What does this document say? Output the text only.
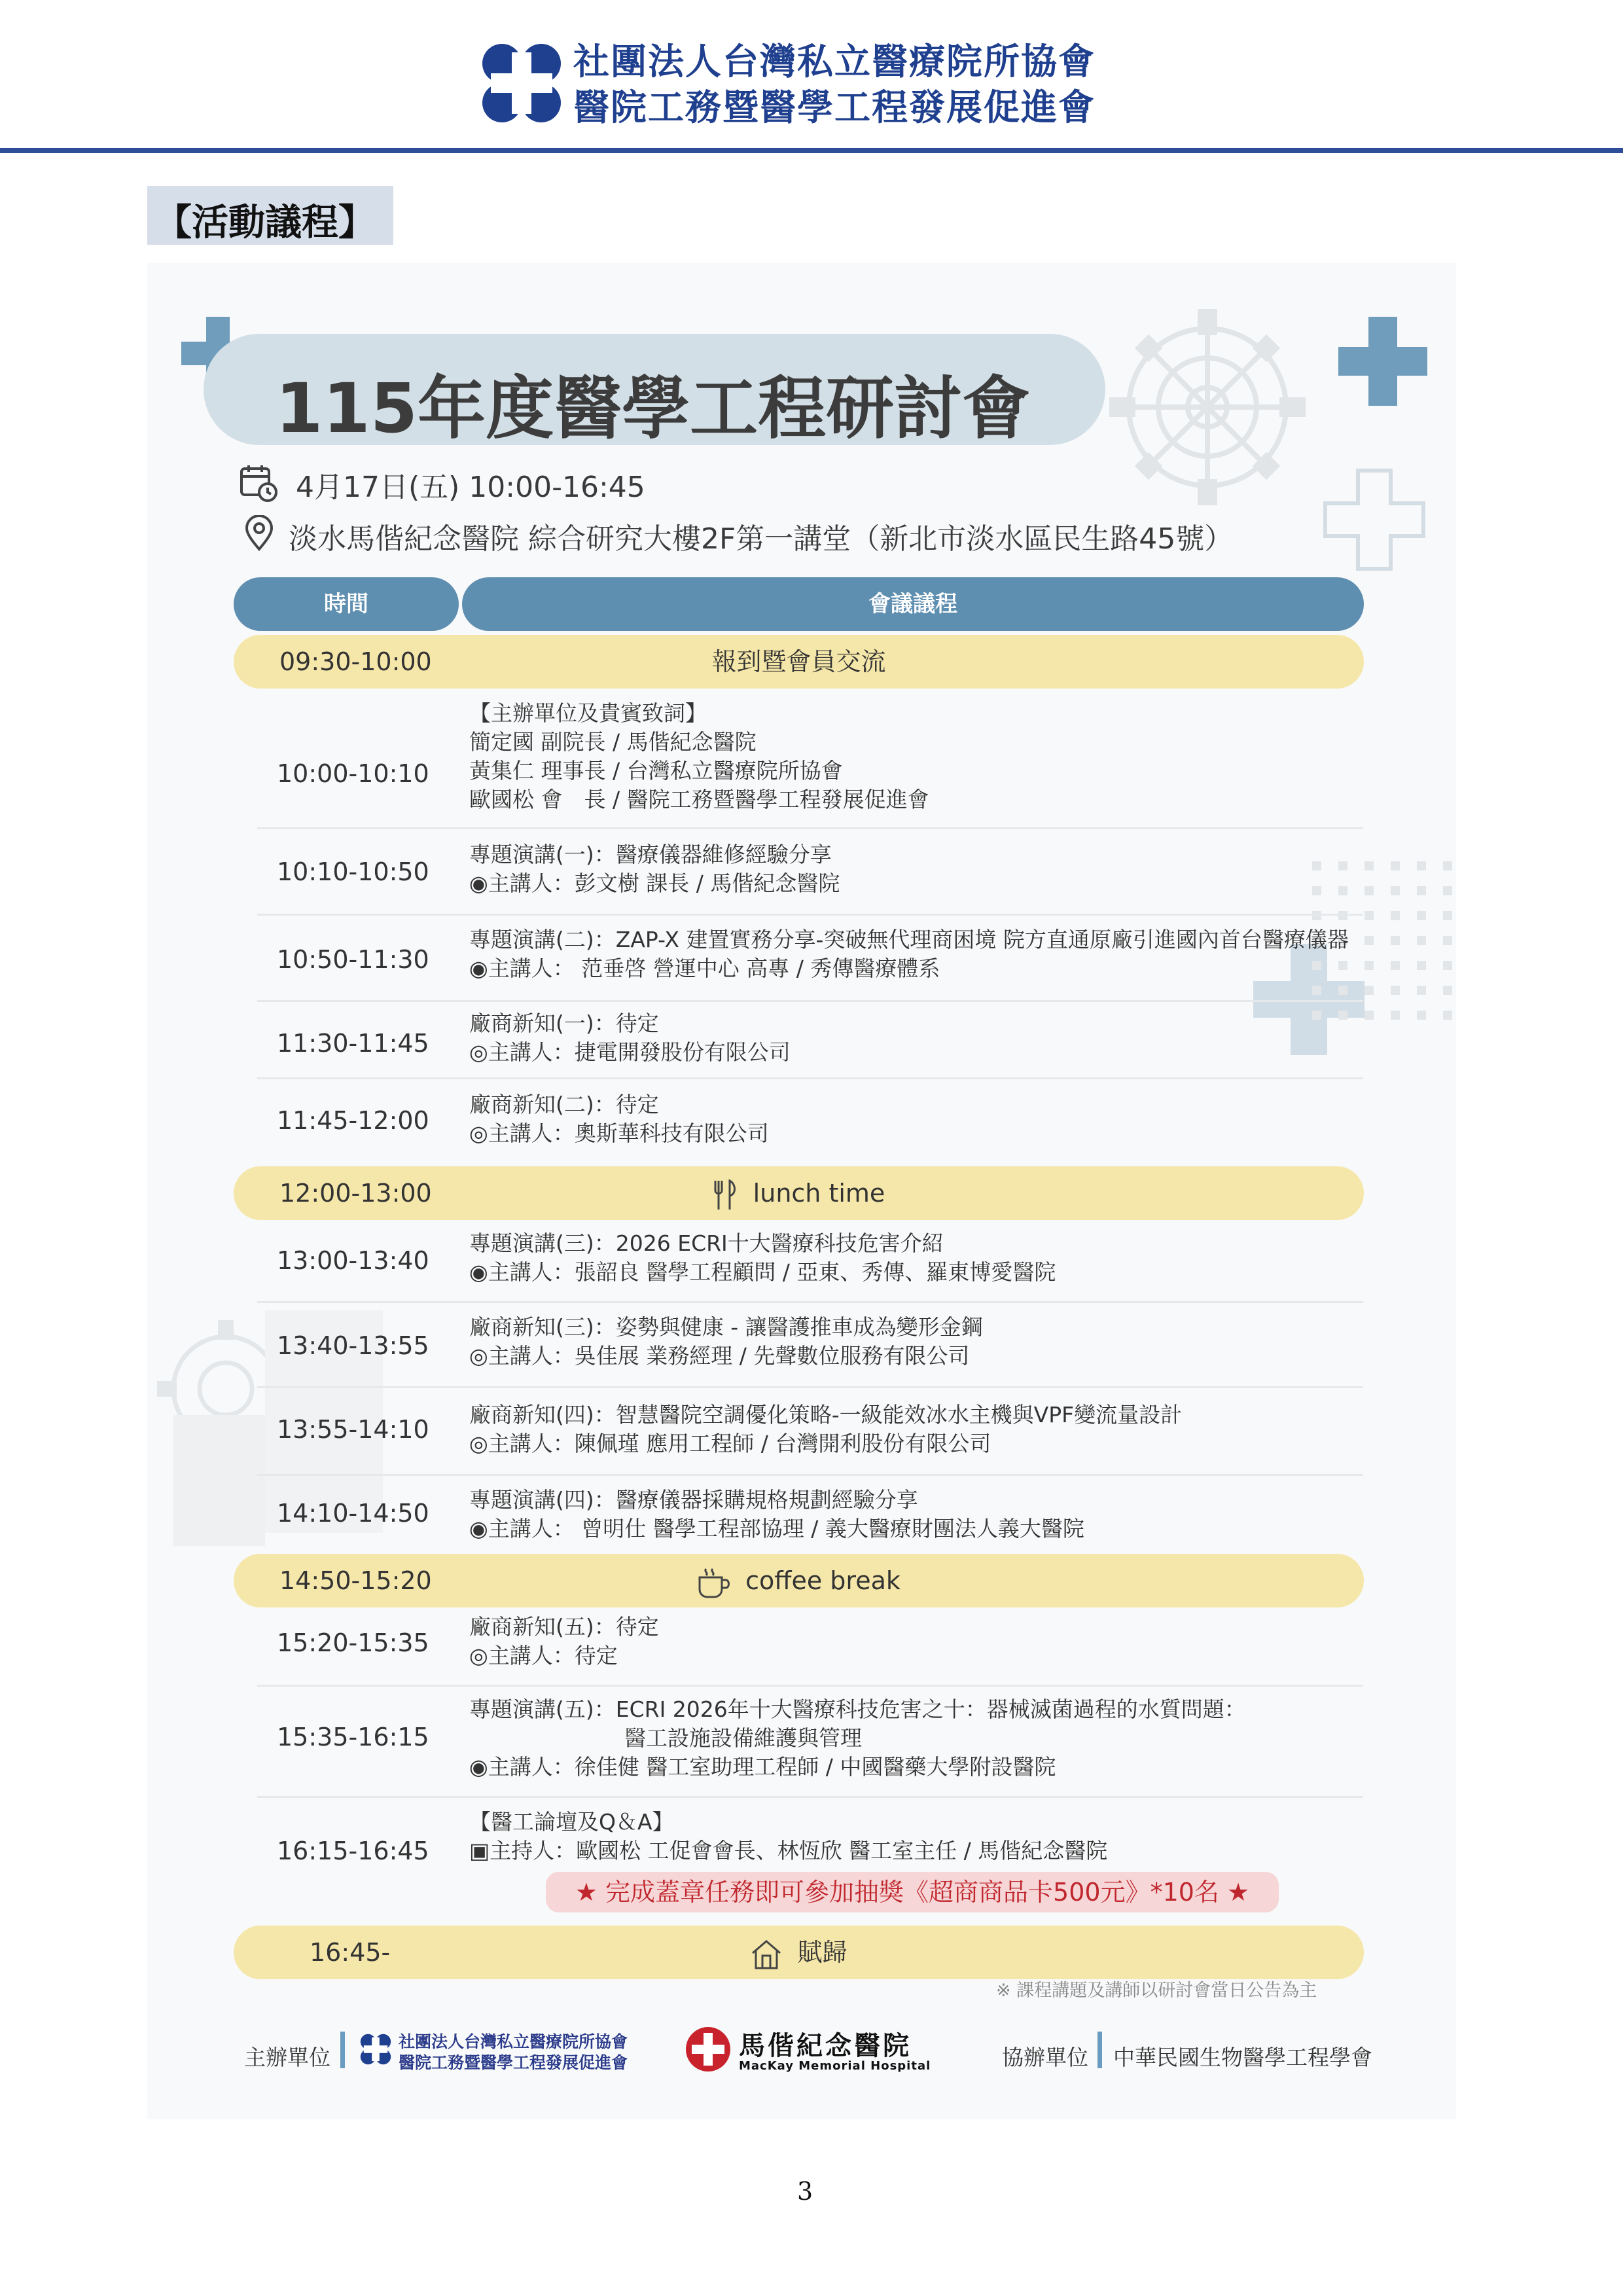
社團法人台灣私立醫療院所協會
醫院工務暨醫學工程發展促進會
【活動議程】
115年度醫學工程研討會
4月17日(五) 10:00-16:45
淡水馬偕紀念醫院 綜合研究大樓2F第一講堂（新北市淡水區民生路45號）
時間	會議議程
09:30-10:00	報到暨會員交流
10:00-10:10
【主辦單位及貴賓致詞】
簡定國 副院長 / 馬偕紀念醫院
黃集仁 理事長 / 台灣私立醫療院所協會
歐國松 會　長 / 醫院工務暨醫學工程發展促進會
10:10-10:50
專題演講(一)：醫療儀器維修經驗分享
◉主講人：彭文樹 課長 / 馬偕紀念醫院
10:50-11:30
專題演講(二)：ZAP-X 建置實務分享-突破無代理商困境 院方直通原廠引進國內首台醫療儀器
◉主講人： 范垂啓 營運中心 高專 / 秀傳醫療體系
11:30-11:45
廠商新知(一)：待定
◎主講人：捷電開發股份有限公司
11:45-12:00
廠商新知(二)：待定
◎主講人：奧斯華科技有限公司
12:00-13:00	lunch time
13:00-13:40
專題演講(三)：2026 ECRI十大醫療科技危害介紹
◉主講人：張韶良 醫學工程顧問 / 亞東、秀傳、羅東博愛醫院
13:40-13:55
廠商新知(三)：姿勢與健康 - 讓醫護推車成為變形金鋼
◎主講人：吳佳展 業務經理 / 先聲數位服務有限公司
13:55-14:10
廠商新知(四)：智慧醫院空調優化策略-一級能效冰水主機與VPF變流量設計
◎主講人：陳佩瑾 應用工程師 / 台灣開利股份有限公司
14:10-14:50 專題演講(四)：醫療儀器採購規格規劃經驗分享
◉主講人： 曾明仕 醫學工程部協理 / 義大醫療財團法人義大醫院
14:50-15:20	coffee break
15:20-15:35
廠商新知(五)：待定
◎主講人：待定
15:35-16:15
專題演講(五)：ECRI 2026年十大醫療科技危害之十：器械滅菌過程的水質問題：
醫工設施設備維護與管理
◉主講人：徐佳健 醫工室助理工程師 / 中國醫藥大學附設醫院
16:15-16:45
【醫工論壇及Q＆A】
▣主持人：歐國松 工促會會長、林恆欣 醫工室主任 / 馬偕紀念醫院
★ 完成蓋章任務即可參加抽獎《超商商品卡500元》*10名 ★
16:45-	賦歸
※ 課程講題及講師以研討會當日公告為主
主辦單位
社團法人台灣私立醫療院所協會
醫院工務暨醫學工程發展促進會
馬偕紀念醫院
MacKay Memorial Hospital	協辦單位 中華民國生物醫學工程學會
3
